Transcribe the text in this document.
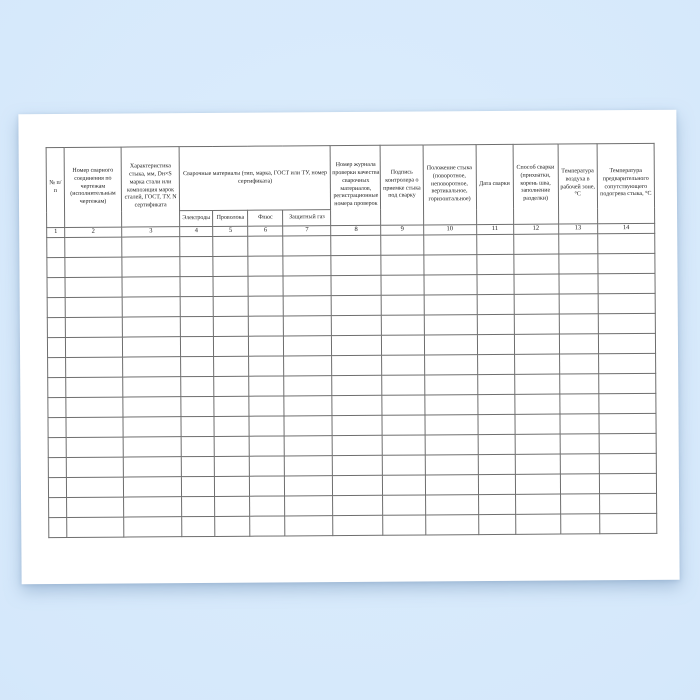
№ п/п	Номер сварного соединения по чертежам (исполнительным чертежам)	Характеристика стыка, мм, Dн×S марка стали или композиция марок сталей, ГОСТ, ТУ, N сертификата	Сварочные материалы (тип, марка, ГОСТ или ТУ, номер сертификата)				Номер журнала проверки качества сварочных материалов, регистрационные номера проверок	Подпись контролера о приемке стыка под сварку	Положение стыка (поворотное, неповоротное, вертикальное, горизонтальное)	Дата сварки	Способ сварки (прихватки, корень шва, заполнение разделки)	Температура воздуха в рабочей зоне, °С	Температура предварительного сопутствующего подогрева стыка, °С
			Электроды	Проволока	Флюс	Защитный газ							
1	2	3	4	5	6	7	8	9	10	11	12	13	14
